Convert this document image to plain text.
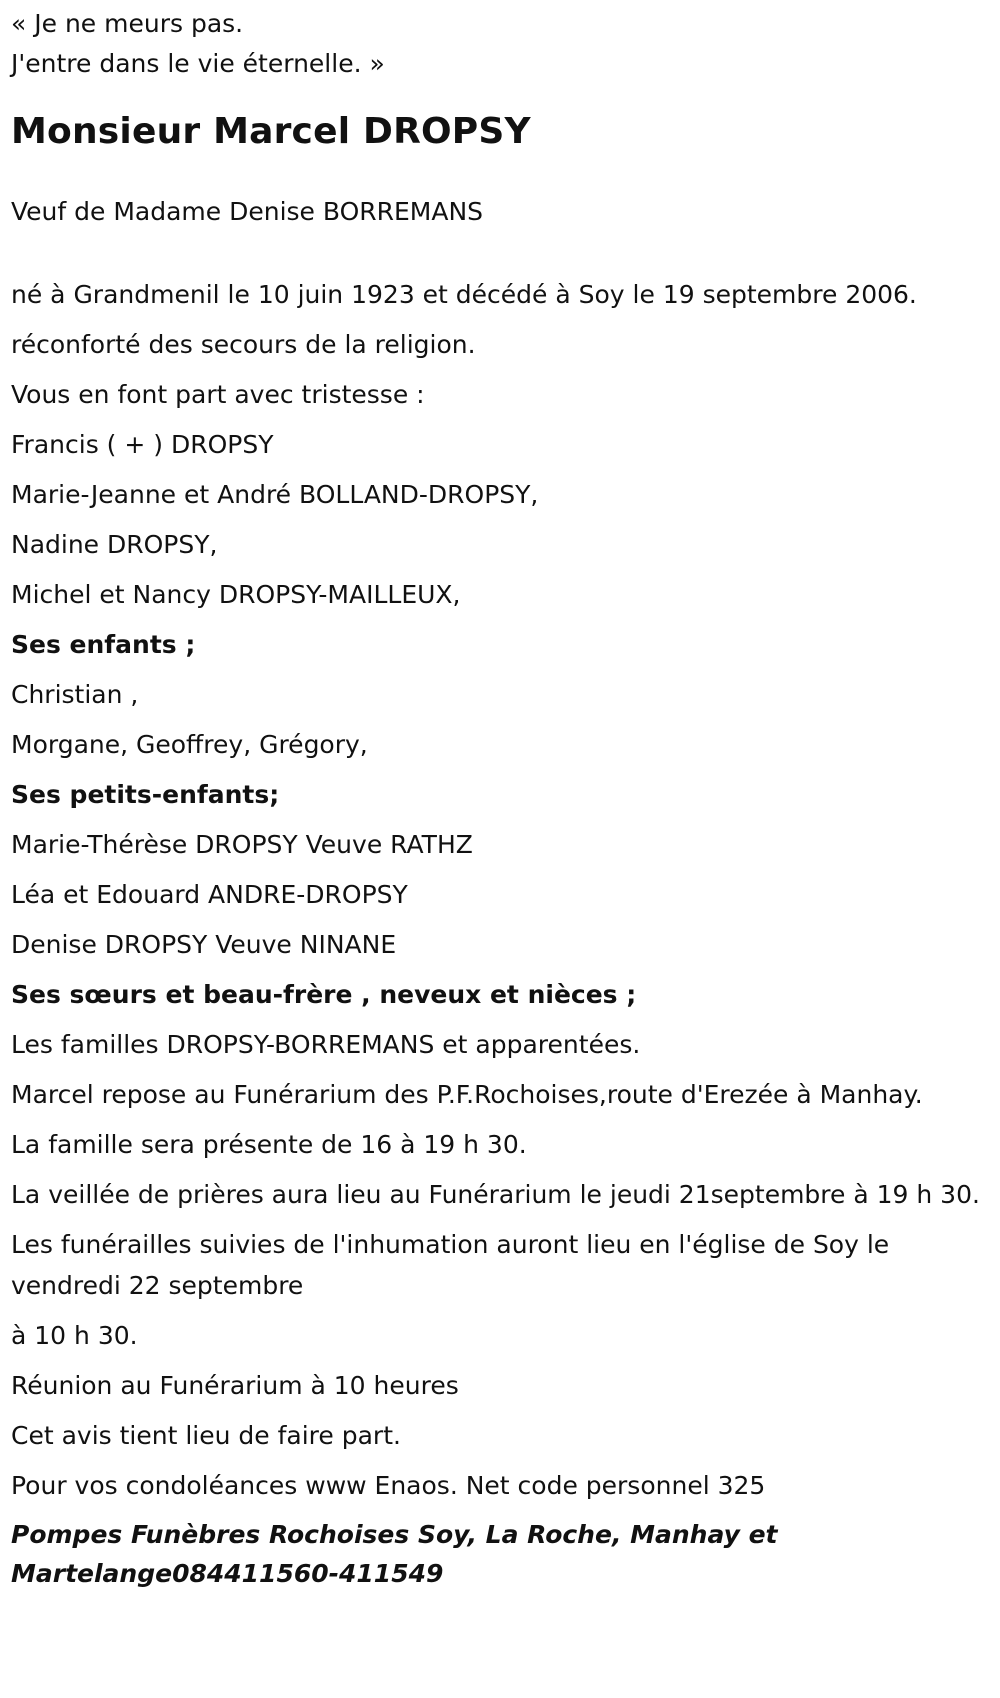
« Je ne meurs pas.

J'entre dans le vie éternelle. »

Monsieur Marcel DROPSY

Veuf de Madame Denise BORREMANS

né à Grandmenil le 10 juin 1923 et décédé à Soy le 19 septembre 2006.

réconforté des secours de la religion.

Vous en font part avec tristesse :

Francis ( + ) DROPSY

Marie-Jeanne et André BOLLAND-DROPSY,

Nadine DROPSY,

Michel et Nancy DROPSY-MAILLEUX,

Ses enfants ;

Christian ,

Morgane, Geoffrey, Grégory,

Ses petits-enfants;

Marie-Thérèse DROPSY Veuve RATHZ

Léa et Edouard ANDRE-DROPSY

Denise DROPSY Veuve NINANE

Ses sœurs et beau-frère , neveux et nièces ;

Les familles DROPSY-BORREMANS et apparentées.

Marcel repose au Funérarium des P.F.Rochoises,route d'Erezée à Manhay.

La famille sera présente de 16 à 19 h 30.

La veillée de prières aura lieu au Funérarium le jeudi 21septembre à 19 h 30.

Les funérailles suivies de l'inhumation auront lieu en l'église de Soy le vendredi 22 septembre

à 10 h 30.

Réunion au Funérarium à 10 heures

Cet avis tient lieu de faire part.

Pour vos condoléances www Enaos. Net code personnel 325

Pompes Funèbres Rochoises Soy, La Roche, Manhay et Martelange084411560-411549
